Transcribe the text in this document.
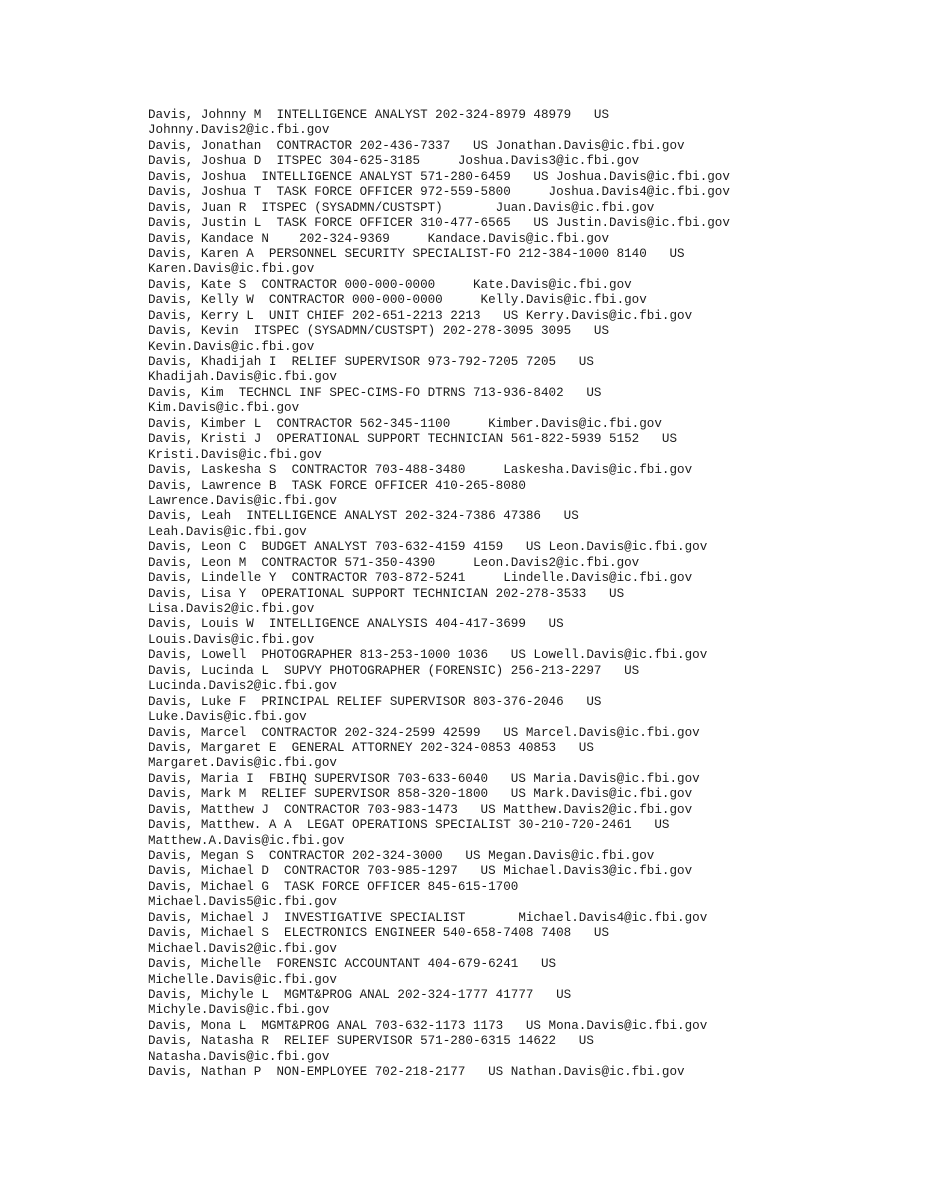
Davis, Johnny M  INTELLIGENCE ANALYST 202-324-8979 48979   US
Johnny.Davis2@ic.fbi.gov
Davis, Jonathan  CONTRACTOR 202-436-7337   US Jonathan.Davis@ic.fbi.gov
Davis, Joshua D  ITSPEC 304-625-3185     Joshua.Davis3@ic.fbi.gov
Davis, Joshua  INTELLIGENCE ANALYST 571-280-6459   US Joshua.Davis@ic.fbi.gov
Davis, Joshua T  TASK FORCE OFFICER 972-559-5800     Joshua.Davis4@ic.fbi.gov
Davis, Juan R  ITSPEC (SYSADMN/CUSTSPT)       Juan.Davis@ic.fbi.gov
Davis, Justin L  TASK FORCE OFFICER 310-477-6565   US Justin.Davis@ic.fbi.gov
Davis, Kandace N    202-324-9369     Kandace.Davis@ic.fbi.gov
Davis, Karen A  PERSONNEL SECURITY SPECIALIST-FO 212-384-1000 8140   US
Karen.Davis@ic.fbi.gov
Davis, Kate S  CONTRACTOR 000-000-0000     Kate.Davis@ic.fbi.gov
Davis, Kelly W  CONTRACTOR 000-000-0000     Kelly.Davis@ic.fbi.gov
Davis, Kerry L  UNIT CHIEF 202-651-2213 2213   US Kerry.Davis@ic.fbi.gov
Davis, Kevin  ITSPEC (SYSADMN/CUSTSPT) 202-278-3095 3095   US
Kevin.Davis@ic.fbi.gov
Davis, Khadijah I  RELIEF SUPERVISOR 973-792-7205 7205   US
Khadijah.Davis@ic.fbi.gov
Davis, Kim  TECHNCL INF SPEC-CIMS-FO DTRNS 713-936-8402   US
Kim.Davis@ic.fbi.gov
Davis, Kimber L  CONTRACTOR 562-345-1100     Kimber.Davis@ic.fbi.gov
Davis, Kristi J  OPERATIONAL SUPPORT TECHNICIAN 561-822-5939 5152   US
Kristi.Davis@ic.fbi.gov
Davis, Laskesha S  CONTRACTOR 703-488-3480     Laskesha.Davis@ic.fbi.gov
Davis, Lawrence B  TASK FORCE OFFICER 410-265-8080
Lawrence.Davis@ic.fbi.gov
Davis, Leah  INTELLIGENCE ANALYST 202-324-7386 47386   US
Leah.Davis@ic.fbi.gov
Davis, Leon C  BUDGET ANALYST 703-632-4159 4159   US Leon.Davis@ic.fbi.gov
Davis, Leon M  CONTRACTOR 571-350-4390     Leon.Davis2@ic.fbi.gov
Davis, Lindelle Y  CONTRACTOR 703-872-5241     Lindelle.Davis@ic.fbi.gov
Davis, Lisa Y  OPERATIONAL SUPPORT TECHNICIAN 202-278-3533   US
Lisa.Davis2@ic.fbi.gov
Davis, Louis W  INTELLIGENCE ANALYSIS 404-417-3699   US
Louis.Davis@ic.fbi.gov
Davis, Lowell  PHOTOGRAPHER 813-253-1000 1036   US Lowell.Davis@ic.fbi.gov
Davis, Lucinda L  SUPVY PHOTOGRAPHER (FORENSIC) 256-213-2297   US
Lucinda.Davis2@ic.fbi.gov
Davis, Luke F  PRINCIPAL RELIEF SUPERVISOR 803-376-2046   US
Luke.Davis@ic.fbi.gov
Davis, Marcel  CONTRACTOR 202-324-2599 42599   US Marcel.Davis@ic.fbi.gov
Davis, Margaret E  GENERAL ATTORNEY 202-324-0853 40853   US
Margaret.Davis@ic.fbi.gov
Davis, Maria I  FBIHQ SUPERVISOR 703-633-6040   US Maria.Davis@ic.fbi.gov
Davis, Mark M  RELIEF SUPERVISOR 858-320-1800   US Mark.Davis@ic.fbi.gov
Davis, Matthew J  CONTRACTOR 703-983-1473   US Matthew.Davis2@ic.fbi.gov
Davis, Matthew. A A  LEGAT OPERATIONS SPECIALIST 30-210-720-2461   US
Matthew.A.Davis@ic.fbi.gov
Davis, Megan S  CONTRACTOR 202-324-3000   US Megan.Davis@ic.fbi.gov
Davis, Michael D  CONTRACTOR 703-985-1297   US Michael.Davis3@ic.fbi.gov
Davis, Michael G  TASK FORCE OFFICER 845-615-1700
Michael.Davis5@ic.fbi.gov
Davis, Michael J  INVESTIGATIVE SPECIALIST       Michael.Davis4@ic.fbi.gov
Davis, Michael S  ELECTRONICS ENGINEER 540-658-7408 7408   US
Michael.Davis2@ic.fbi.gov
Davis, Michelle  FORENSIC ACCOUNTANT 404-679-6241   US
Michelle.Davis@ic.fbi.gov
Davis, Michyle L  MGMT&PROG ANAL 202-324-1777 41777   US
Michyle.Davis@ic.fbi.gov
Davis, Mona L  MGMT&PROG ANAL 703-632-1173 1173   US Mona.Davis@ic.fbi.gov
Davis, Natasha R  RELIEF SUPERVISOR 571-280-6315 14622   US
Natasha.Davis@ic.fbi.gov
Davis, Nathan P  NON-EMPLOYEE 702-218-2177   US Nathan.Davis@ic.fbi.gov
